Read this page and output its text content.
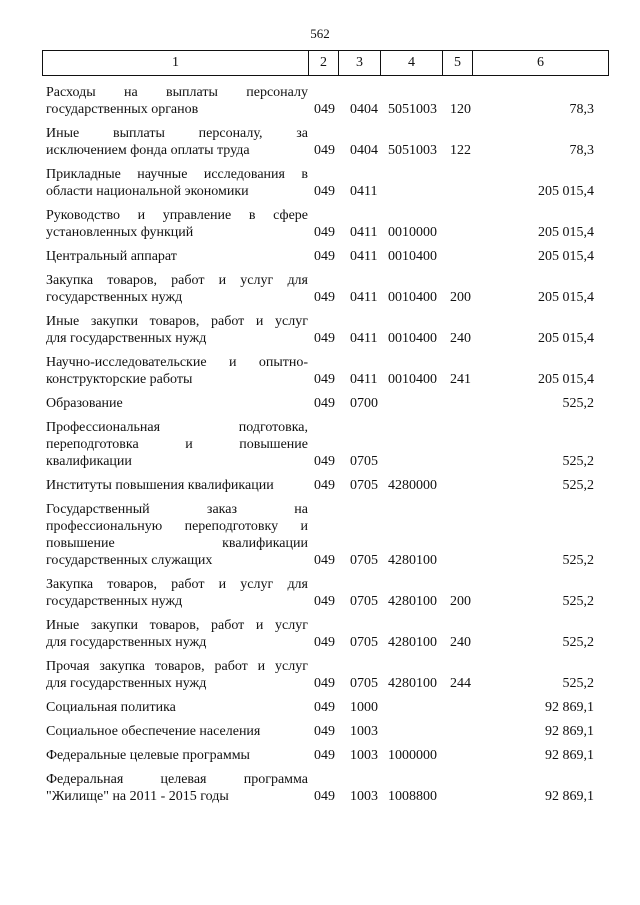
562
1	2	3	4	5	6
Расходы на выплаты персоналу
государственных органов	049 0404 5051003 120	78,3
Иные выплаты персоналу, за
исключением фонда оплаты труда	049 0404 5051003 122	78,3
Прикладные научные исследования в
области национальной экономики	049 0411	205 015,4
Руководство и управление в сфере
установленных функций	049 0411 0010000	205 015,4
Центральный аппарат	049 0411 0010400	205 015,4
Закупка товаров, работ и услуг для
государственных нужд	049 0411 0010400 200	205 015,4
Иные закупки товаров, работ и услуг
для государственных нужд	049 0411 0010400 240	205 015,4
Научно-исследовательские и опытно-
конструкторские работы	049 0411 0010400 241	205 015,4
Образование	049 0700	525,2
Профессиональная подготовка,
переподготовка и повышение
квалификации	049 0705	525,2
Институты повышения квалификации	049 0705 4280000	525,2
Государственный заказ на
профессиональную переподготовку и
повышение квалификации
государственных служащих	049 0705 4280100	525,2
Закупка товаров, работ и услуг для
государственных нужд	049 0705 4280100 200	525,2
Иные закупки товаров, работ и услуг
для государственных нужд	049 0705 4280100 240	525,2
Прочая закупка товаров, работ и услуг
для государственных нужд	049 0705 4280100 244	525,2
Социальная политика	049 1000	92 869,1
Социальное обеспечение населения	049 1003	92 869,1
Федеральные целевые программы	049 1003 1000000	92 869,1
Федеральная целевая программа
"Жилище" на 2011 - 2015 годы	049 1003 1008800	92 869,1
